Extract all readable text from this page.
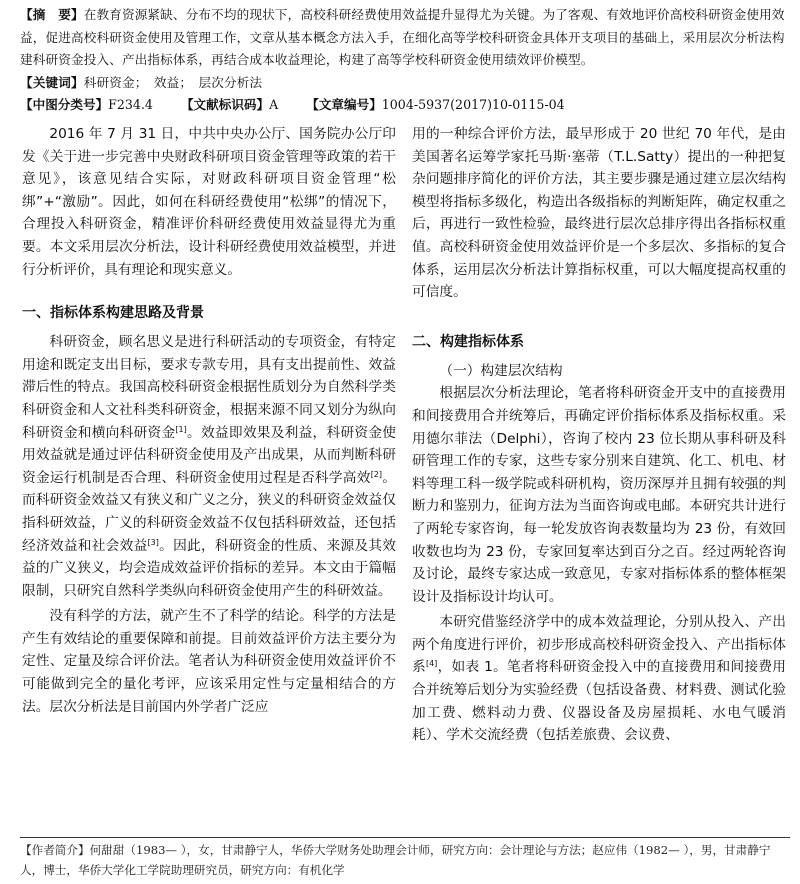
【摘　要】在教育资源紧缺、分布不均的现状下，高校科研经费使用效益提升显得尤为关键。为了客观、有效地评价高校科研资金使用效益，促进高校科研资金使用及管理工作，文章从基本概念方法入手，在细化高等学校科研资金具体开支项目的基础上，采用层次分析法构建科研资金投入、产出指标体系，再结合成本收益理论，构建了高等学校科研资金使用绩效评价模型。

【关键词】科研资金；　效益；　层次分析法

【中图分类号】F234.4 【文献标识码】A 【文章编号】1004-5937(2017)10-0115-04

2016 年 7 月 31 日，中共中央办公厅、国务院办公厅印发《关于进一步完善中央财政科研项目资金管理等政策的若干意见》，该意见结合实际，对财政科研项目资金管理“松绑”+“激励”。因此，如何在科研经费使用“松绑”的情况下，合理投入科研资金，精准评价科研经费使用效益显得尤为重要。本文采用层次分析法，设计科研经费使用效益模型，并进行分析评价，具有理论和现实意义。

一、指标体系构建思路及背景

科研资金，顾名思义是进行科研活动的专项资金，有特定用途和既定支出目标，要求专款专用，具有支出提前性、效益滞后性的特点。我国高校科研资金根据性质划分为自然科学类科研资金和人文社科类科研资金，根据来源不同又划分为纵向科研资金和横向科研资金[1]。效益即效果及利益，科研资金使用效益就是通过评估科研资金使用及产出成果，从而判断科研资金运行机制是否合理、科研资金使用过程是否科学高效[2]。而科研资金效益又有狭义和广义之分，狭义的科研资金效益仅指科研效益，广义的科研资金效益不仅包括科研效益，还包括经济效益和社会效益[3]。因此，科研资金的性质、来源及其效益的广义狭义，均会造成效益评价指标的差异。本文由于篇幅限制，只研究自然科学类纵向科研资金使用产生的科研效益。

没有科学的方法，就产生不了科学的结论。科学的方法是产生有效结论的重要保障和前提。目前效益评价方法主要分为定性、定量及综合评价法。笔者认为科研资金使用效益评价不可能做到完全的量化考评，应该采用定性与定量相结合的方法。层次分析法是目前国内外学者广泛应

用的一种综合评价方法，最早形成于 20 世纪 70 年代，是由美国著名运筹学家托马斯·塞蒂（T.L.Satty）提出的一种把复杂问题排序简化的评价方法，其主要步骤是通过建立层次结构模型将指标多级化，构造出各级指标的判断矩阵，确定权重之后，再进行一致性检验，最终进行层次总排序得出各指标权重值。高校科研资金使用效益评价是一个多层次、多指标的复合体系，运用层次分析法计算指标权重，可以大幅度提高权重的可信度。

二、构建指标体系
（一）构建层次结构

根据层次分析法理论，笔者将科研资金开支中的直接费用和间接费用合并统筹后，再确定评价指标体系及指标权重。采用德尔菲法（Delphi），咨询了校内 23 位长期从事科研及科研管理工作的专家，这些专家分别来自建筑、化工、机电、材料等理工科一级学院或科研机构，资历深厚并且拥有较强的判断力和鉴别力，征询方法为当面咨询或电邮。本研究共计进行了两轮专家咨询，每一轮发放咨询表数量均为 23 份，有效回收数也均为 23 份，专家回复率达到百分之百。经过两轮咨询及讨论，最终专家达成一致意见，专家对指标体系的整体框架设计及指标设计均认可。

本研究借鉴经济学中的成本效益理论，分别从投入、产出两个角度进行评价，初步形成高校科研资金投入、产出指标体系[4]，如表 1。笔者将科研资金投入中的直接费用和间接费用合并统筹后划分为实验经费（包括设备费、材料费、测试化验加工费、燃料动力费、仪器设备及房屋损耗、水电气暖消耗）、学术交流经费（包括差旅费、会议费、

【作者简介】何甜甜（1983— ），女，甘肃静宁人，华侨大学财务处助理会计师，研究方向：会计理论与方法；赵应伟（1982— ），男，甘肃静宁人，博士，华侨大学化工学院助理研究员，研究方向：有机化学
